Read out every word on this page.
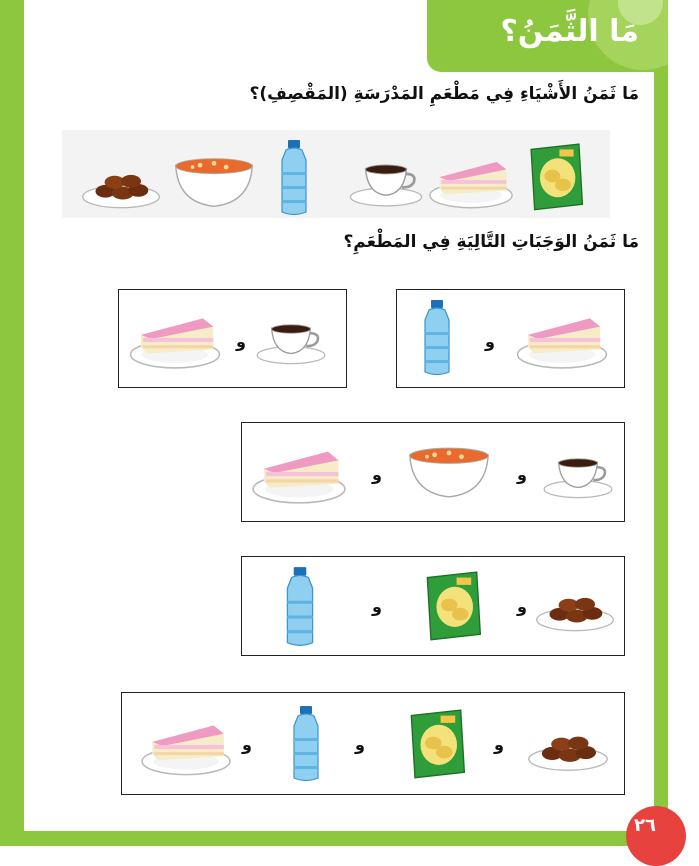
مَا الثَّمَنُ؟
مَا ثَمَنُ الأَشْيَاءِ فِي مَطْعَمِ المَدْرَسَةِ (المَقْصِفِ)؟
مَا ثَمَنُ الوَجَبَاتِ التَّالِيَةِ فِي المَطْعَمِ؟
و
و
و
و
و
و
و
و
و
٢٦
